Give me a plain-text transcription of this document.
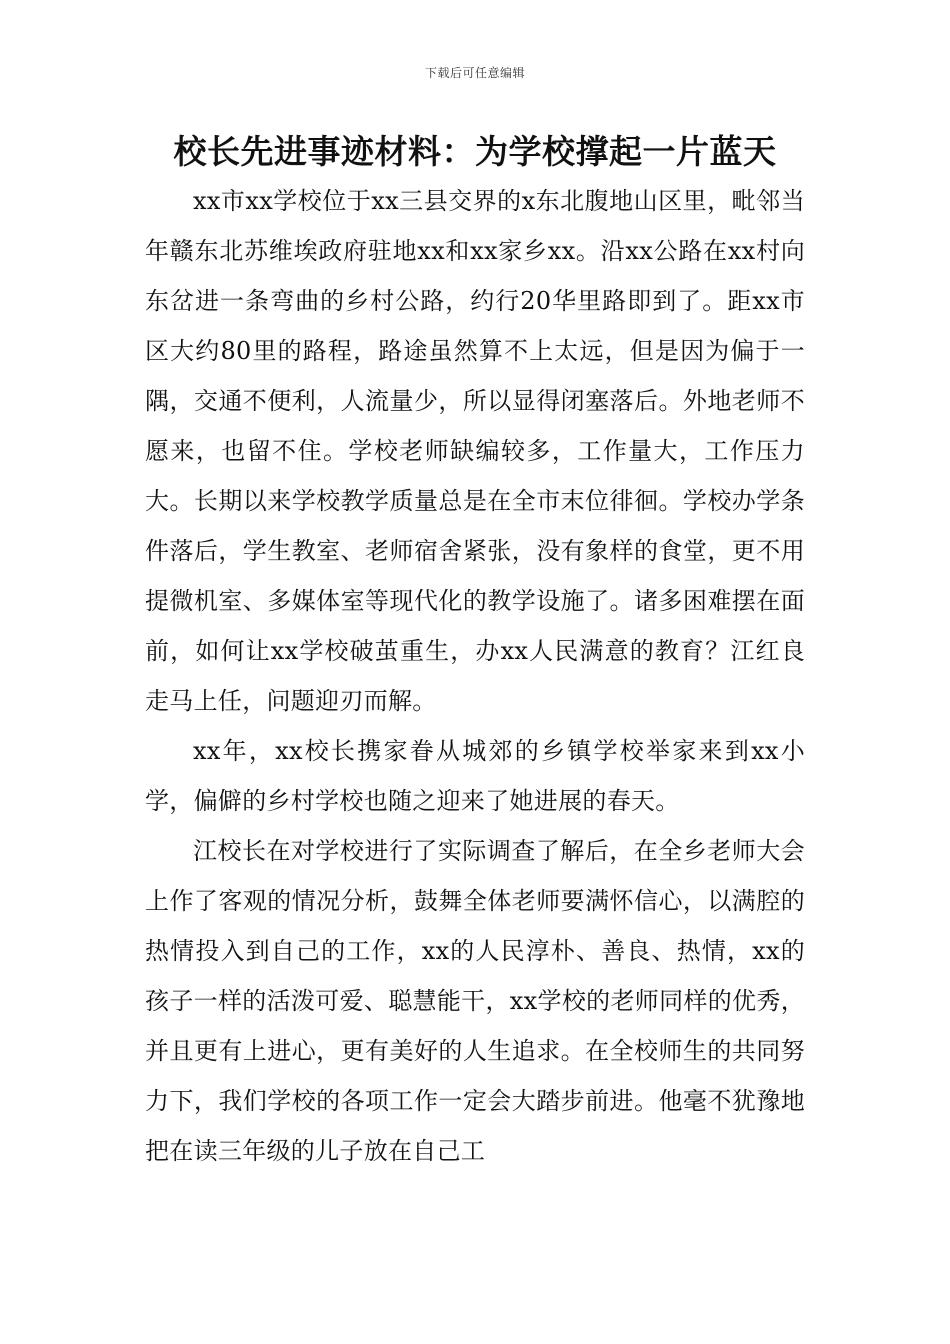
下载后可任意编辑
校长先进事迹材料：为学校撑起一片蓝天

xx市xx学校位于xx三县交界的x东北腹地山区里，毗邻当年赣东北苏维埃政府驻地xx和xx家乡xx。沿xx公路在xx村向东岔进一条弯曲的乡村公路，约行20华里路即到了。距xx市区大约80里的路程，路途虽然算不上太远，但是因为偏于一隅，交通不便利，人流量少，所以显得闭塞落后。外地老师不愿来，也留不住。学校老师缺编较多，工作量大，工作压力大。长期以来学校教学质量总是在全市末位徘徊。学校办学条件落后，学生教室、老师宿舍紧张，没有象样的食堂，更不用提微机室、多媒体室等现代化的教学设施了。诸多困难摆在面前，如何让xx学校破茧重生，办xx人民满意的教育？江红良走马上任，问题迎刃而解。

xx年，xx校长携家眷从城郊的乡镇学校举家来到xx小学，偏僻的乡村学校也随之迎来了她进展的春天。

江校长在对学校进行了实际调查了解后，在全乡老师大会上作了客观的情况分析，鼓舞全体老师要满怀信心，以满腔的热情投入到自己的工作，xx的人民淳朴、善良、热情，xx的孩子一样的活泼可爱、聪慧能干，xx学校的老师同样的优秀，并且更有上进心，更有美好的人生追求。在全校师生的共同努力下，我们学校的各项工作一定会大踏步前进。他毫不犹豫地把在读三年级的儿子放在自己工
